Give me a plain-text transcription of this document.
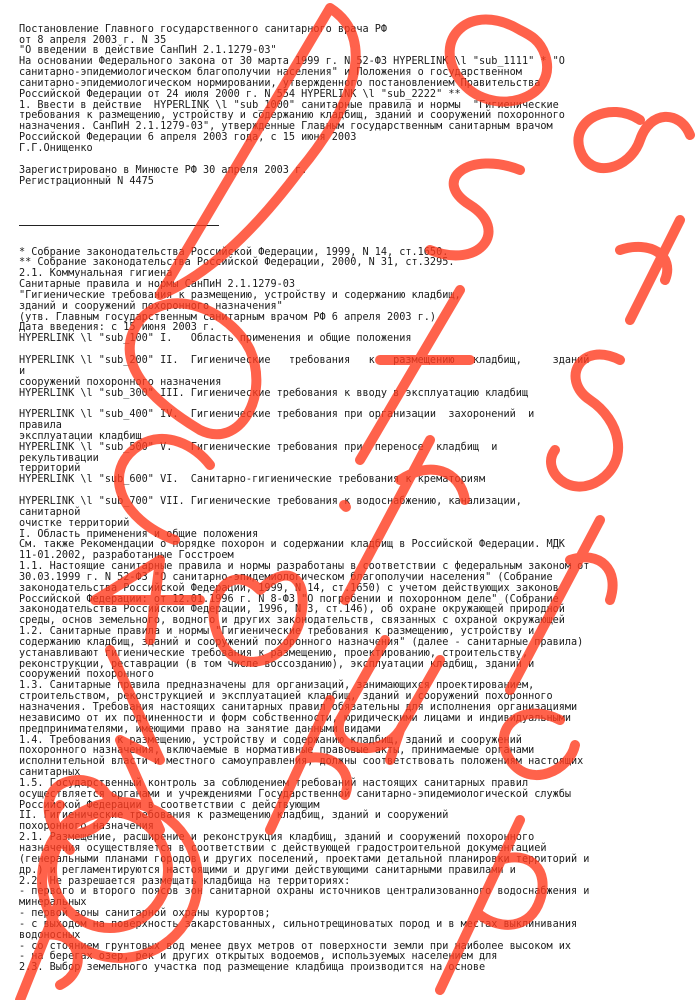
Постановление Главного государственного санитарного врача РФ
от 8 апреля 2003 г. N 35
"О введении в действие СанПиН 2.1.1279-03"
На основании Федерального закона от 30 марта 1999 г. N 52-ФЗ HYPERLINK \l "sub_1111" * "О
санитарно-эпидемиологическом благополучии населения" и Положения о государственном
санитарно-эпидемиологическом нормировании, утвержденного постановлением Правительства
Российской Федерации от 24 июля 2000 г. N 554 HYPERLINK \l "sub_2222" **
1. Ввести в действие  HYPERLINK \l "sub_1000" санитарные правила и нормы  "Гигиенические
требования к размещению, устройству и содержанию кладбищ, зданий и сооружений похоронного
назначения. СанПиН 2.1.1279-03", утвержденные Главным государственным санитарным врачом
Российской Федерации 6 апреля 2003 года, с 15 июня 2003
Г.Г.Онищенко

Зарегистрировано в Минюсте РФ 30 апреля 2003 г.
Регистрационный N 4475

* Собрание законодательства Российской Федерации, 1999, N 14, ст.1650.
** Собрание законодательства Российской Федерации, 2000, N 31, ст.3295.
2.1. Коммунальная гигиена
Санитарные правила и нормы СанПиН 2.1.1279-03
"Гигиенические требования к размещению, устройству и содержанию кладбищ,
зданий и сооружений похоронного назначения"
(утв. Главным государственным санитарным врачом РФ 6 апреля 2003 г.)
Дата введения: с 15 июня 2003 г.
HYPERLINK \l "sub_100" I.   Область применения и общие положения

HYPERLINK \l "sub_200" II.  Гигиенические   требования   к   размещению   кладбищ,     зданий
и
сооружений похоронного назначения
HYPERLINK \l "sub_300" III. Гигиенические требования к вводу в эксплуатацию кладбищ

HYPERLINK \l "sub_400" IV.  Гигиенические требования при организации  захоронений  и
правила
эксплуатации кладбищ
HYPERLINK \l "sub_500" V.   Гигиенические требования при  переносе  кладбищ  и
рекультивации
территорий
HYPERLINK \l "sub_600" VI.  Санитарно-гигиенические требования к крематориям

HYPERLINK \l "sub_700" VII. Гигиенические требования к водоснабжению, канализации,
санитарной
очистке территорий
I. Область применения и общие положения
См. также Рекомендации о порядке похорон и содержании кладбищ в Российской Федерации. МДК
11-01.2002, разработанные Госстроем
1.1. Настоящие санитарные правила и нормы разработаны в соответствии с федеральным законом от
30.03.1999 г. N 52-ФЗ "О санитарно-эпидемиологическом благополучии населения" (Собрание
законодательства Российской Федерации, 1999, N 14, ст.1650) с учетом действующих законов
Российской Федерации: от 12.01.1996 г. N 8-ФЗ "О погребении и похоронном деле" (Собрание
законодательства Российской Федерации, 1996, N 3, ст.146), об охране окружающей природной
среды, основ земельного, водного и других законодательств, связанных с охраной окружающей
1.2. Санитарные правила и нормы "Гигиенические требования к размещению, устройству и
содержанию кладбищ, зданий и сооружений похоронного назначения" (далее - санитарные правила)
устанавливают гигиенические требования к размещению, проектированию, строительству,
реконструкции, реставрации (в том числе воссозданию), эксплуатации кладбищ, зданий и
сооружений похоронного
1.3. Санитарные правила предназначены для организаций, занимающихся проектированием,
строительством, реконструкцией и эксплуатацией кладбищ, зданий и сооружений похоронного
назначения. Требования настоящих санитарных правил обязательны для исполнения организациями
независимо от их подчиненности и форм собственности, юридическими лицами и индивидуальными
предпринимателями, имеющими право на занятие данными видами
1.4. Требования к размещению, устройству и содержанию кладбищ, зданий и сооружений
похоронного назначения, включаемые в нормативные правовые акты, принимаемые органами
исполнительной власти и местного самоуправления, должны соответствовать положениям настоящих
санитарных
1.5. Государственный контроль за соблюдением требований настоящих санитарных правил
осуществляется органами и учреждениями Государственной санитарно-эпидемиологической службы
Российской Федерации в соответствии с действующим
II. Гигиенические требования к размещению кладбищ, зданий и сооружений
похоронного назначения
2.1. Размещение, расширение и реконструкция кладбищ, зданий и сооружений похоронного
назначения осуществляется в соответствии с действующей градостроительной документацией
(генеральными планами городов и других поселений, проектами детальной планировки территорий и
др.) и регламентируются настоящими и другими действующими санитарными правилами и
2.2. Не разрешается размещать кладбища на территориях:
- первого и второго поясов зон санитарной охраны источников централизованного водоснабжения и
минеральных
- первой зоны санитарной охраны курортов;
- с выходом на поверхность закарстованных, сильнотрещиноватых пород и в местах выклинивания
водоносных
- со стоянием грунтовых вод менее двух метров от поверхности земли при наиболее высоком их
- на берегах озер, рек и других открытых водоемов, используемых населением для
2.3. Выбор земельного участка под размещение кладбища производится на основе
